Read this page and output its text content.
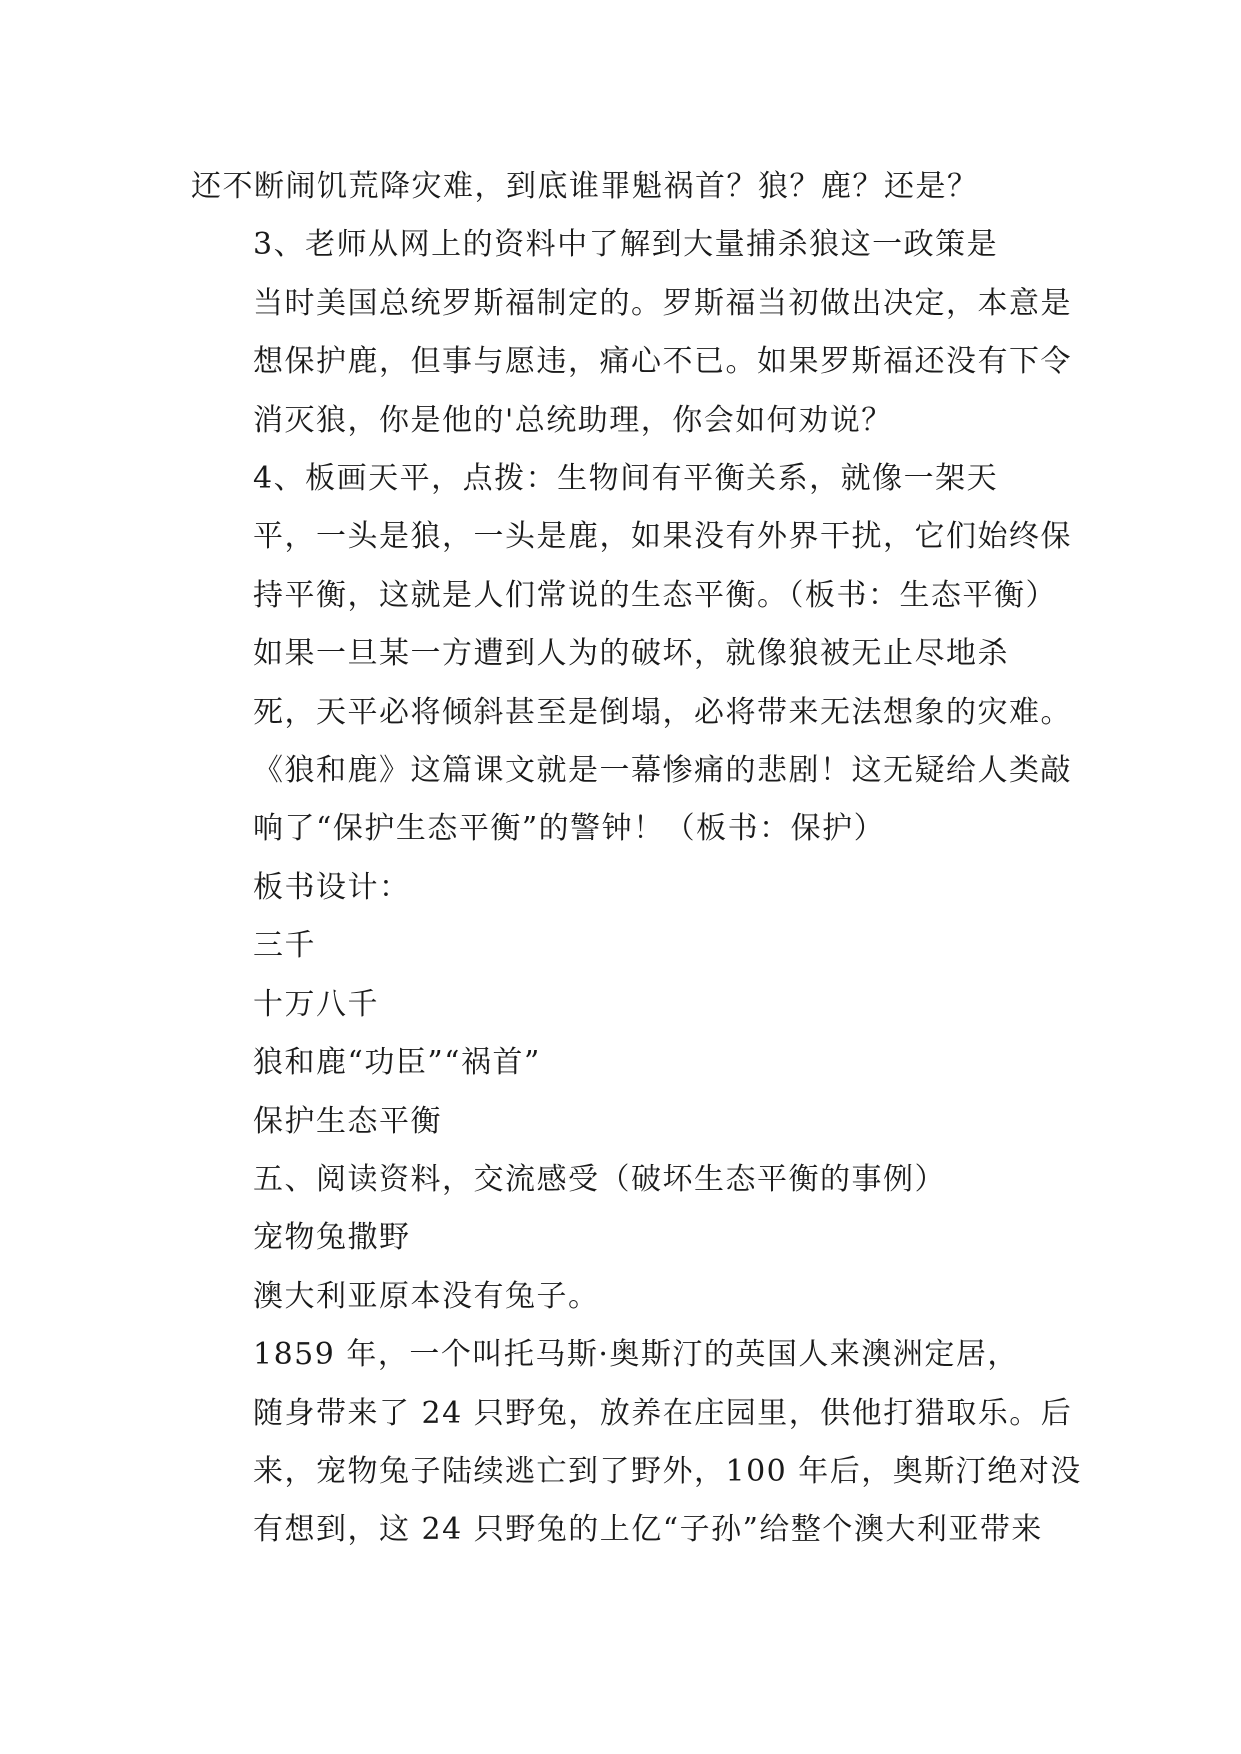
还不断闹饥荒降灾难，到底谁罪魁祸首？狼？鹿？还是？
3、老师从网上的资料中了解到大量捕杀狼这一政策是
当时美国总统罗斯福制定的。罗斯福当初做出决定，本意是
想保护鹿，但事与愿违，痛心不已。如果罗斯福还没有下令
消灭狼，你是他的'总统助理，你会如何劝说？
4、板画天平，点拨：生物间有平衡关系，就像一架天
平，一头是狼，一头是鹿，如果没有外界干扰，它们始终保
持平衡，这就是人们常说的生态平衡。（板书：生态平衡）
如果一旦某一方遭到人为的破坏，就像狼被无止尽地杀
死，天平必将倾斜甚至是倒塌，必将带来无法想象的灾难。
《狼和鹿》这篇课文就是一幕惨痛的悲剧！这无疑给人类敲
响了“保护生态平衡”的警钟！（板书：保护）
板书设计：
三千
十万八千
狼和鹿“功臣”“祸首”
保护生态平衡
五、阅读资料，交流感受（破坏生态平衡的事例）
宠物兔撒野
澳大利亚原本没有兔子。
1859 年，一个叫托马斯·奥斯汀的英国人来澳洲定居，
随身带来了 24 只野兔，放养在庄园里，供他打猎取乐。后
来，宠物兔子陆续逃亡到了野外，100 年后，奥斯汀绝对没
有想到，这 24 只野兔的上亿“子孙”给整个澳大利亚带来
